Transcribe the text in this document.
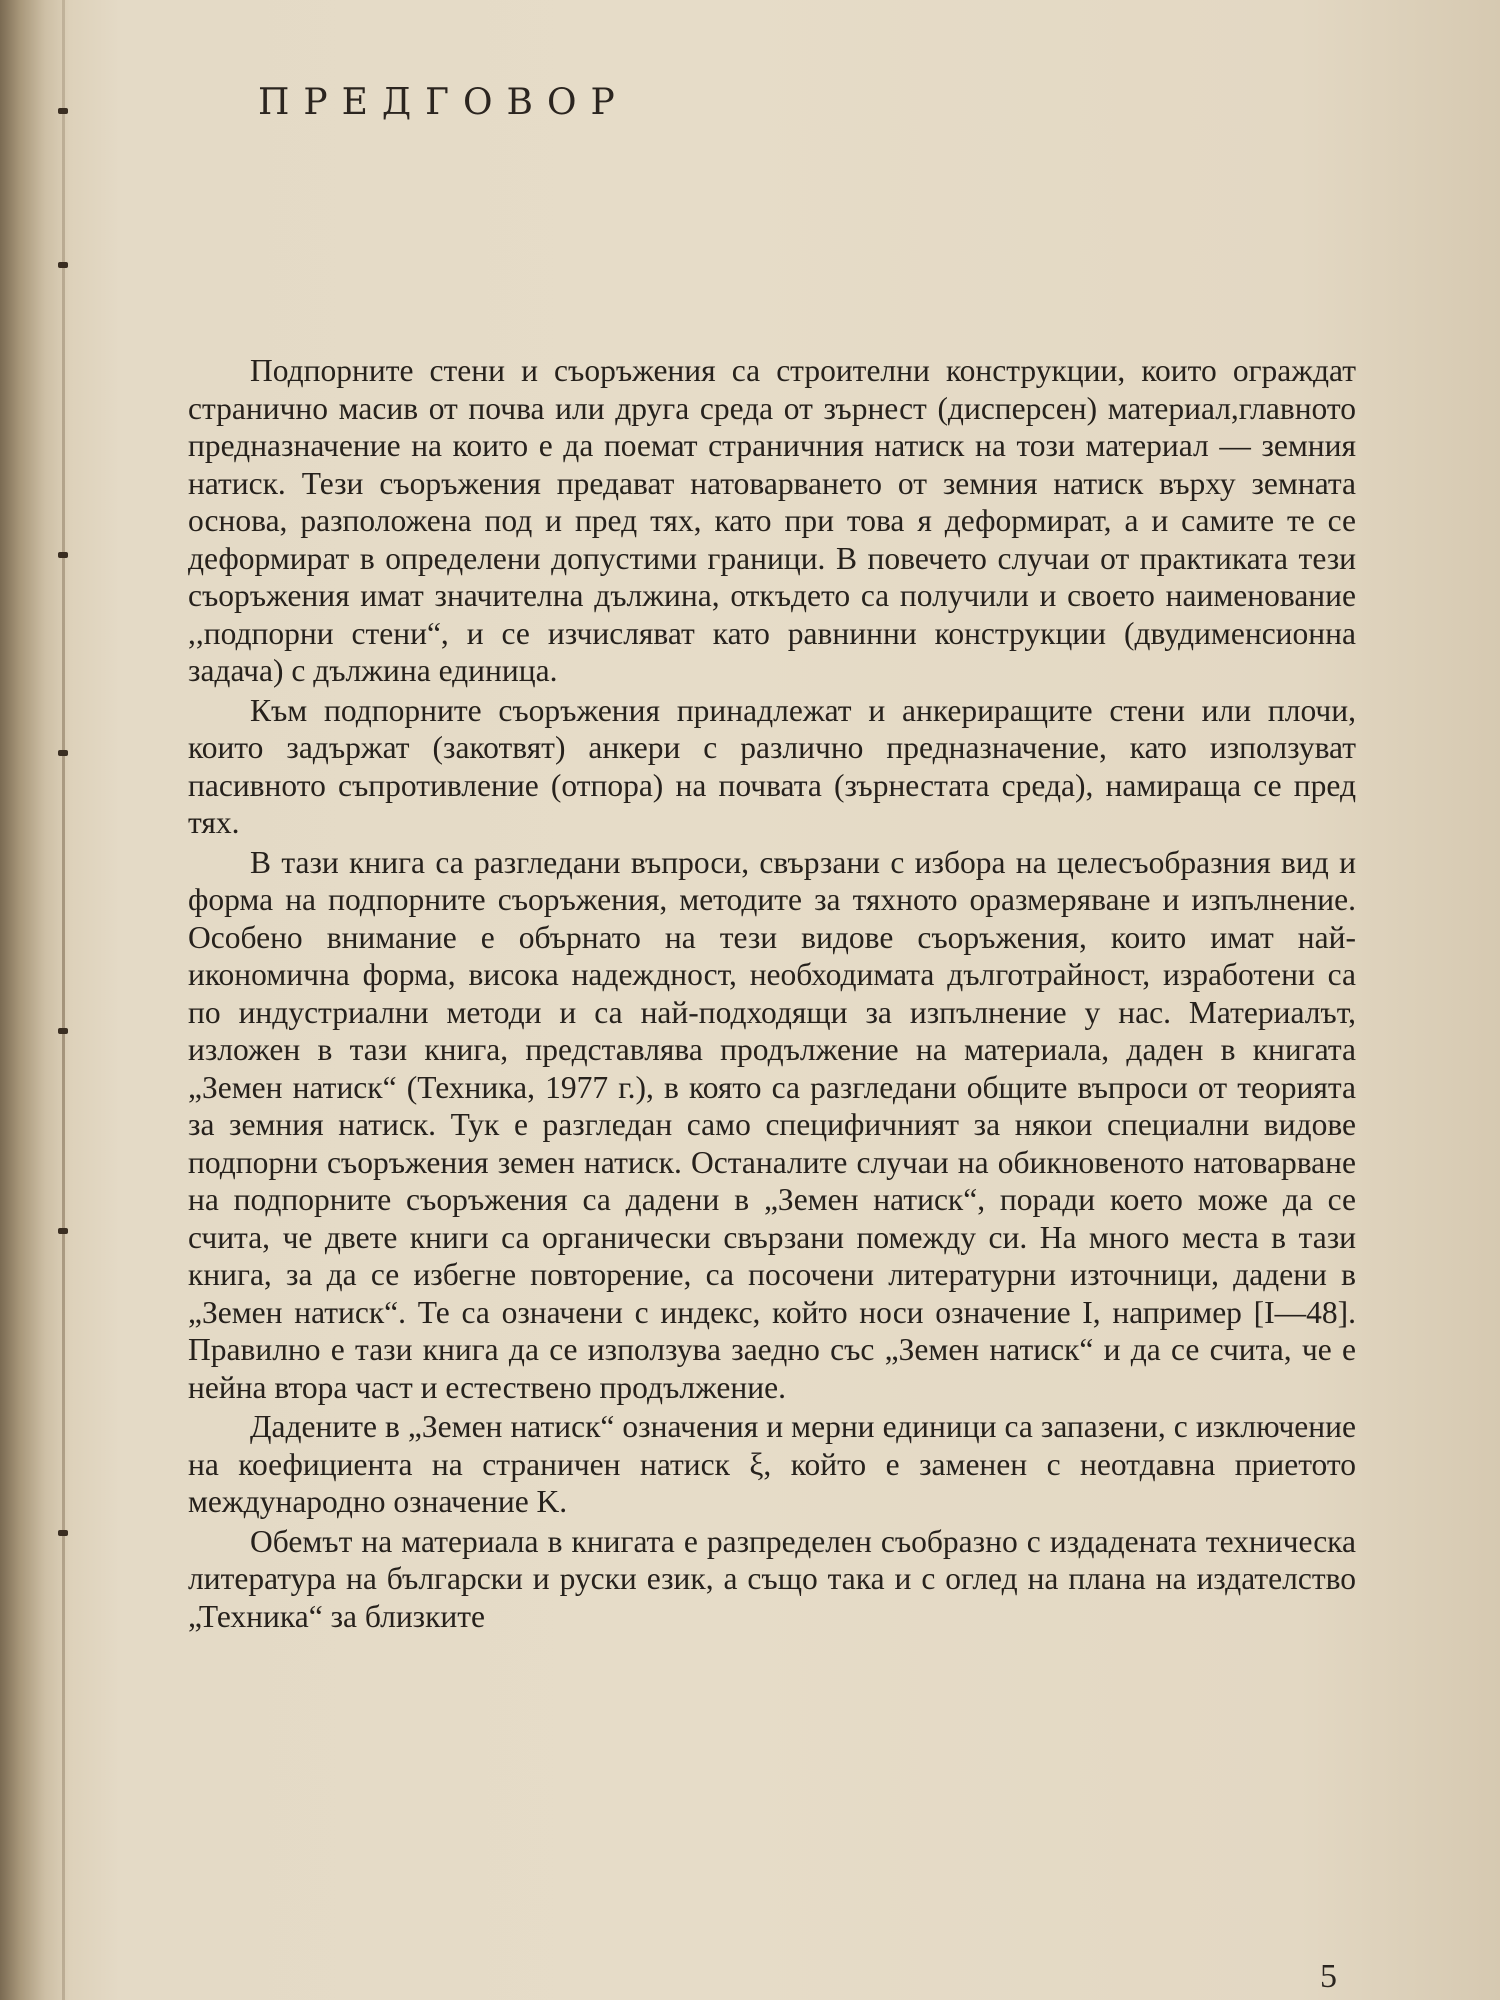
ПРЕДГОВОР

Подпорните стени и съоръжения са строителни конструкции, които ограждат странично масив от почва или друга среда от зърнест (дисперсен) материал,главното предназначение на които е да поемат страничния натиск на този материал — земния натиск. Тези съоръжения предават натоварването от земния натиск върху земната основа, разположена под и пред тях, като при това я деформират, а и самите те се деформират в определени допустими граници. В повечето случаи от практиката тези съоръжения имат значителна дължина, откъдето са получили и своето наименование ,,подпорни стени“, и се изчисляват като равнинни конструкции (двудименсионна задача) с дължина единица.

Към подпорните съоръжения принадлежат и анкериращите стени или плочи, които задържат (закотвят) анкери с различно предназначение, като използуват пасивното съпротивление (отпора) на почвата (зърнестата среда), намираща се пред тях.

В тази книга са разгледани въпроси, свързани с избора на целесъобразния вид и форма на подпорните съоръжения, методите за тяхното оразмеряване и изпълнение. Особено внимание е обърнато на тези видове съоръжения, които имат най-икономична форма, висока надеждност, необходимата дълготрайност, изработени са по индустриални методи и са най-подходящи за изпълнение у нас. Материалът, изложен в тази книга, представлява продължение на материала, даден в книгата „Земен натиск“ (Техника, 1977 г.), в която са разгледани общите въпроси от теорията за земния натиск. Тук е разгледан само специфичният за някои специални видове подпорни съоръжения земен натиск. Останалите случаи на обикновеното натоварване на подпорните съоръжения са дадени в „Земен натиск“, поради което може да се счита, че двете книги са органически свързани помежду си. На много места в тази книга, за да се избегне повторение, са посочени литературни източници, дадени в „Земен натиск“. Те са означени с индекс, който носи означение I, например [I—48]. Правилно е тази книга да се използува заедно със „Земен натиск“ и да се счита, че е нейна втора част и естествено продължение.

Дадените в „Земен натиск“ означения и мерни единици са запазени, с изключение на коефициента на страничен натиск ξ, който е заменен с неотдавна приетото международно означение K.

Обемът на материала в книгата е разпределен съобразно с издадената техническа литература на български и руски език, а също така и с оглед на плана на издателство „Техника“ за близките

5
